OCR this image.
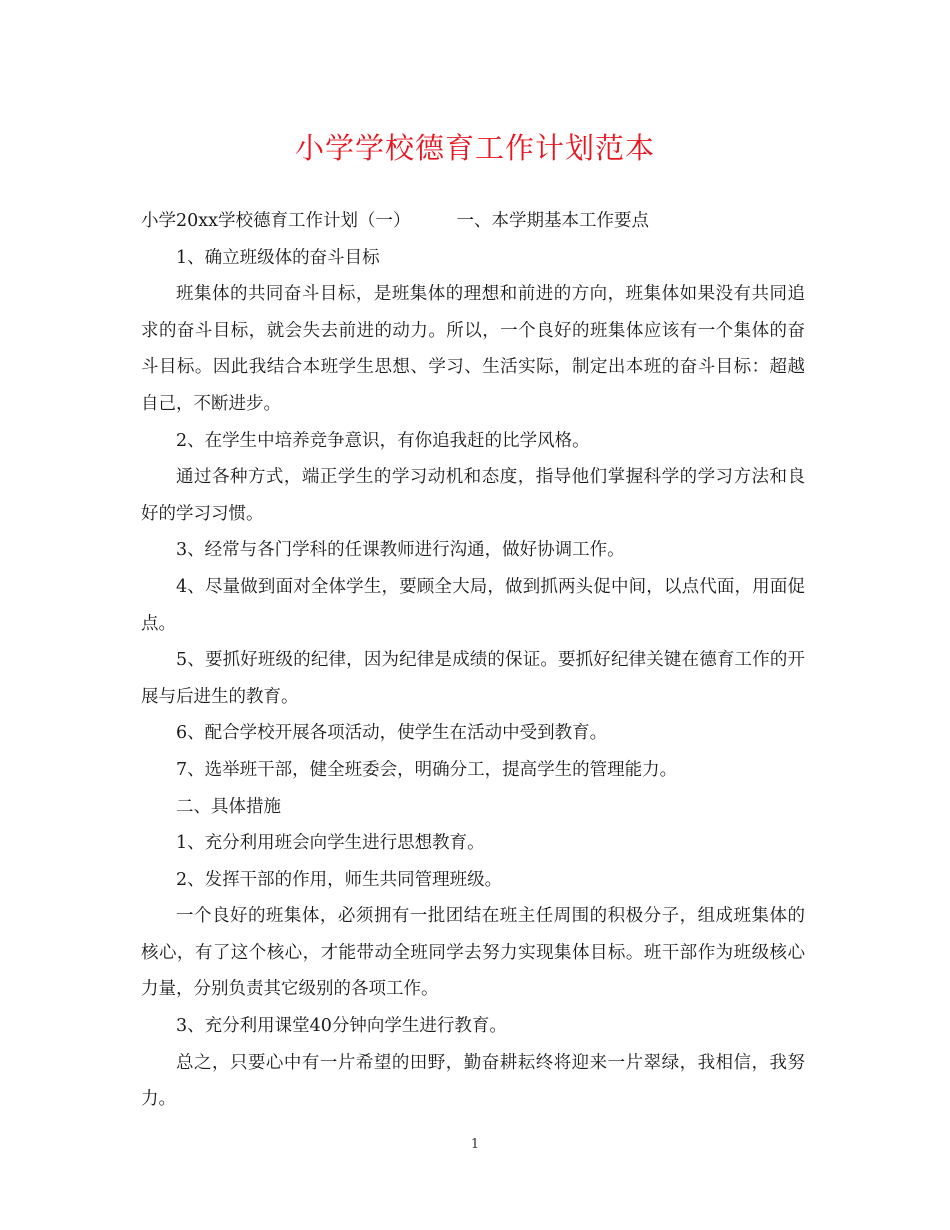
小学学校德育工作计划范本

小学20xx学校德育工作计划（一）	一、本学期基本工作要点

1、确立班级体的奋斗目标

班集体的共同奋斗目标，是班集体的理想和前进的方向，班集体如果没有共同追求的奋斗目标，就会失去前进的动力。所以，一个良好的班集体应该有一个集体的奋斗目标。因此我结合本班学生思想、学习、生活实际，制定出本班的奋斗目标：超越自己，不断进步。

2、在学生中培养竞争意识，有你追我赶的比学风格。

通过各种方式，端正学生的学习动机和态度，指导他们掌握科学的学习方法和良好的学习习惯。

3、经常与各门学科的任课教师进行沟通，做好协调工作。

4、尽量做到面对全体学生，要顾全大局，做到抓两头促中间，以点代面，用面促点。

5、要抓好班级的纪律，因为纪律是成绩的保证。要抓好纪律关键在德育工作的开展与后进生的教育。

6、配合学校开展各项活动，使学生在活动中受到教育。

7、选举班干部，健全班委会，明确分工，提高学生的管理能力。

二、具体措施

1、充分利用班会向学生进行思想教育。

2、发挥干部的作用，师生共同管理班级。

一个良好的班集体，必须拥有一批团结在班主任周围的积极分子，组成班集体的核心，有了这个核心，才能带动全班同学去努力实现集体目标。班干部作为班级核心力量，分别负责其它级别的各项工作。

3、充分利用课堂40分钟向学生进行教育。

总之，只要心中有一片希望的田野，勤奋耕耘终将迎来一片翠绿，我相信，我努力。

1
